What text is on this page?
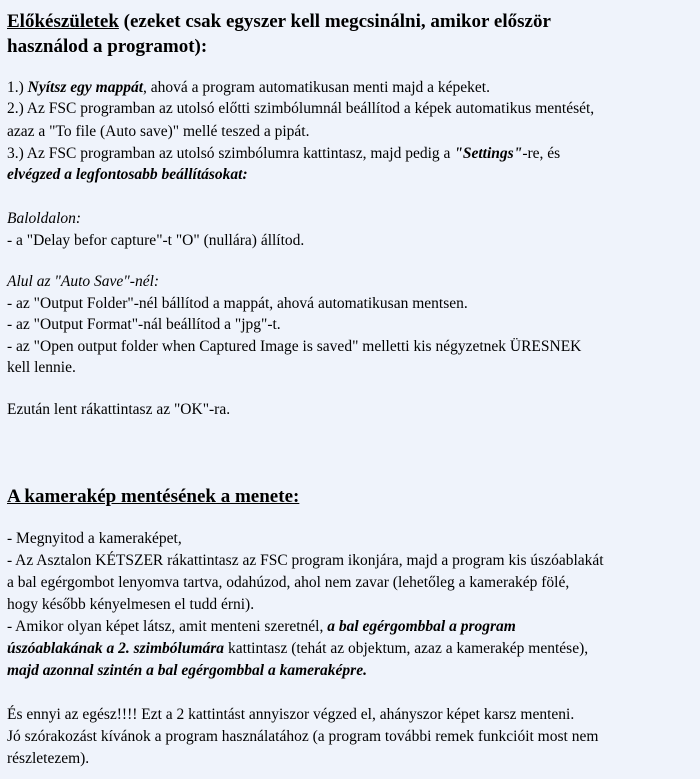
Előkészületek (ezeket csak egyszer kell megcsinálni, amikor először
használod a programot):
1.) Nyítsz egy mappát, ahová a program automatikusan menti majd a képeket.
2.) Az FSC programban az utolsó előtti szimbólumnál beállítod a képek automatikus mentését,
azaz a "To file (Auto save)" mellé teszed a pipát.
3.) Az FSC programban az utolsó szimbólumra kattintasz, majd pedig a "Settings"-re, és
elvégzed a legfontosabb beállításokat:
Baloldalon:
- a "Delay befor capture"-t "O" (nullára) állítod.
Alul az "Auto Save"-nél:
- az "Output Folder"-nél bállítod a mappát, ahová automatikusan mentsen.
- az "Output Format"-nál beállítod a "jpg"-t.
- az "Open output folder when Captured Image is saved" melletti kis négyzetnek ÜRESNEK
kell lennie.
Ezután lent rákattintasz az "OK"-ra.
A kamerakép mentésének a menete:
- Megnyitod a kameraképet,
- Az Asztalon KÉTSZER rákattintasz az FSC program ikonjára, majd a program kis úszóablakát
a bal egérgombot lenyomva tartva, odahúzod, ahol nem zavar (lehetőleg a kamerakép fölé,
hogy később kényelmesen el tudd érni).
- Amikor olyan képet látsz, amit menteni szeretnél, a bal egérgombbal a program
úszóablakának a 2. szimbólumára kattintasz (tehát az objektum, azaz a kamerakép mentése),
majd azonnal szintén a bal egérgombbal a kameraképre.
És ennyi az egész!!!! Ezt a 2 kattintást annyiszor végzed el, ahányszor képet karsz menteni.
Jó szórakozást kívánok a program használatához (a program további remek funkcióit most nem
részletezem).
